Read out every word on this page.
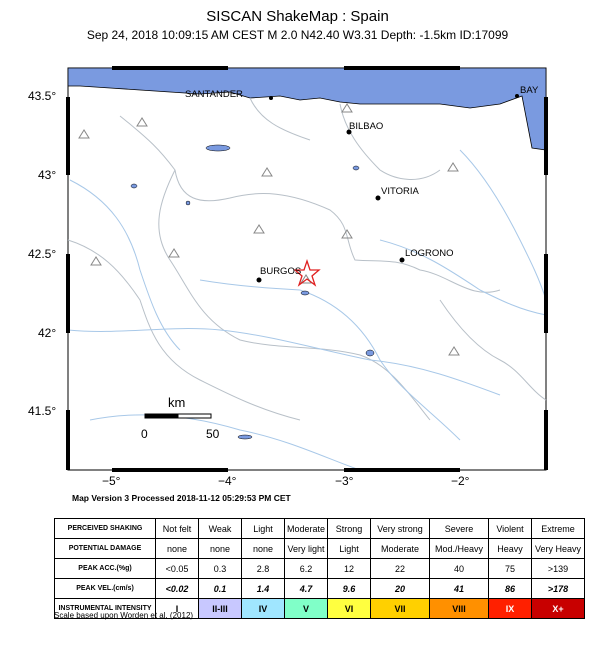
SISCAN ShakeMap : Spain
Sep 24, 2018 10:09:15 AM CEST M 2.0 N42.40 W3.31 Depth: -1.5km ID:17099
43.5°
43°
42.5°
42°
41.5°
−5°	−4°	−3°	−2°
SANTANDER
BILBAO
VITORIA
LOGRONO
BURGOS
BAY
km
0	50
Map Version 3 Processed 2018-11-12 05:29:53 PM CET
PERCEIVED SHAKING	Not felt	Weak	Light	Moderate	Strong	Very strong	Severe	Violent	Extreme
POTENTIAL DAMAGE	none	none	none	Very light	Light	Moderate	Mod./Heavy	Heavy	Very Heavy
PEAK ACC.(%g)	<0.05	0.3	2.8	6.2	12	22	40	75	>139
PEAK VEL.(cm/s)	<0.02	0.1	1.4	4.7	9.6	20	41	86	>178
INSTRUMENTAL INTENSITY	I	II-III	IV	V	VI	VII	VIII	IX	X+
Scale based upon Worden et al. (2012)
